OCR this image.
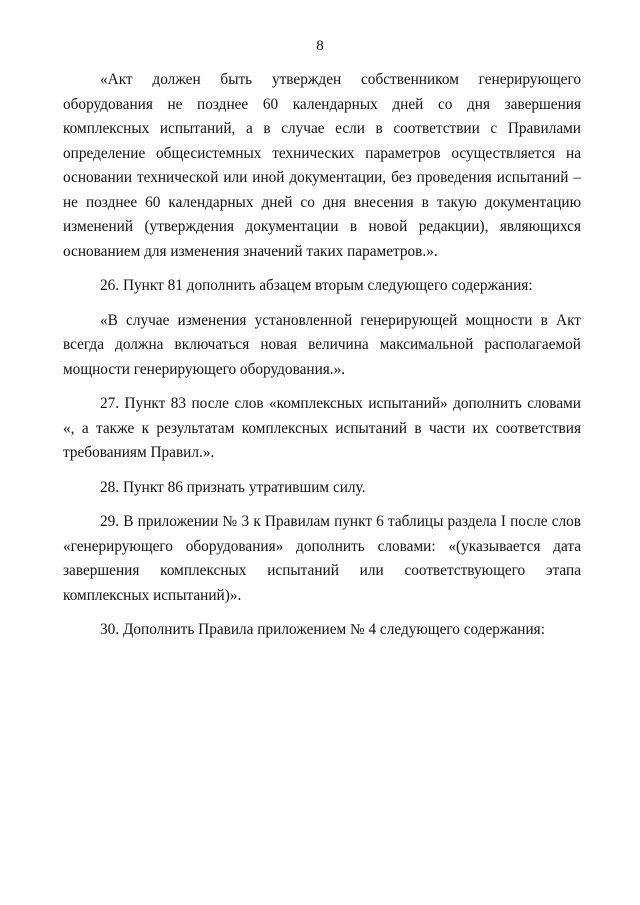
8

«Акт должен быть утвержден собственником генерирующего оборудования не позднее 60 календарных дней со дня завершения комплексных испытаний, а в случае если в соответствии с Правилами определение общесистемных технических параметров осуществляется на основании технической или иной документации, без проведения испытаний – не позднее 60 календарных дней со дня внесения в такую документацию изменений (утверждения документации в новой редакции), являющихся основанием для изменения значений таких параметров.».

26. Пункт 81 дополнить абзацем вторым следующего содержания:

«В случае изменения установленной генерирующей мощности в Акт всегда должна включаться новая величина максимальной располагаемой мощности генерирующего оборудования.».

27. Пункт 83 после слов «комплексных испытаний» дополнить словами «, а также к результатам комплексных испытаний в части их соответствия требованиям Правил.».

28. Пункт 86 признать утратившим силу.

29. В приложении № 3 к Правилам пункт 6 таблицы раздела I после слов «генерирующего оборудования» дополнить словами: «(указывается дата завершения комплексных испытаний или соответствующего этапа комплексных испытаний)».

30. Дополнить Правила приложением № 4 следующего содержания:
